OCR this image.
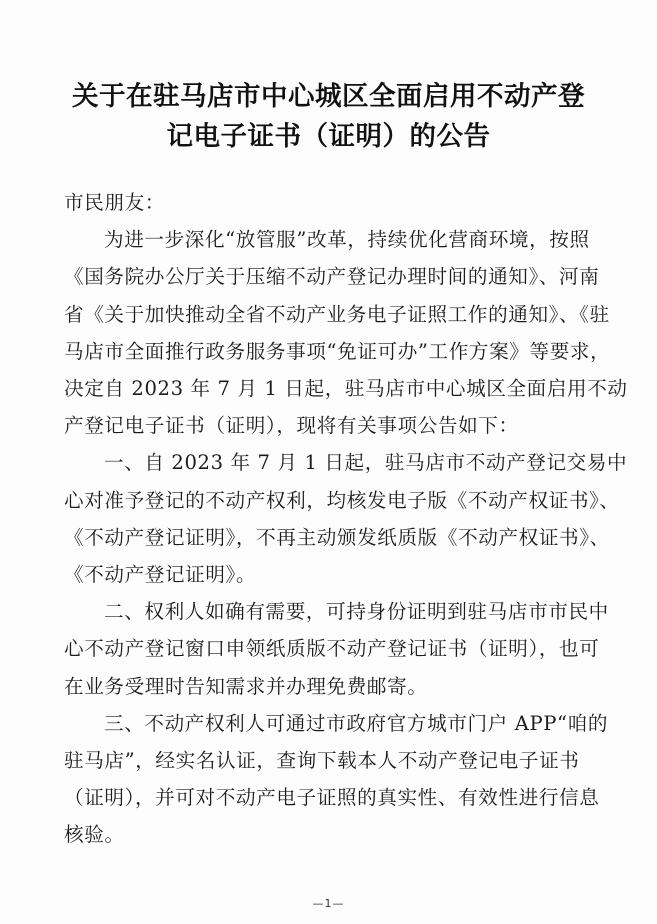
关于在驻马店市中心城区全面启用不动产登
记电子证书（证明）的公告
市民朋友：
为进一步深化“放管服”改革，持续优化营商环境，按照
《国务院办公厅关于压缩不动产登记办理时间的通知》、河南
省《关于加快推动全省不动产业务电子证照工作的通知》、《驻
马店市全面推行政务服务事项“免证可办”工作方案》等要求，
决定自 2023 年 7 月 1 日起，驻马店市中心城区全面启用不动
产登记电子证书（证明），现将有关事项公告如下：
一、自 2023 年 7 月 1 日起，驻马店市不动产登记交易中
心对准予登记的不动产权利，均核发电子版《不动产权证书》、
《不动产登记证明》，不再主动颁发纸质版《不动产权证书》、
《不动产登记证明》。
二、权利人如确有需要，可持身份证明到驻马店市市民中
心不动产登记窗口申领纸质版不动产登记证书（证明），也可
在业务受理时告知需求并办理免费邮寄。
三、不动产权利人可通过市政府官方城市门户 APP“咱的
驻马店”，经实名认证，查询下载本人不动产登记电子证书
（证明），并可对不动产电子证照的真实性、有效性进行信息
核验。
—1—
